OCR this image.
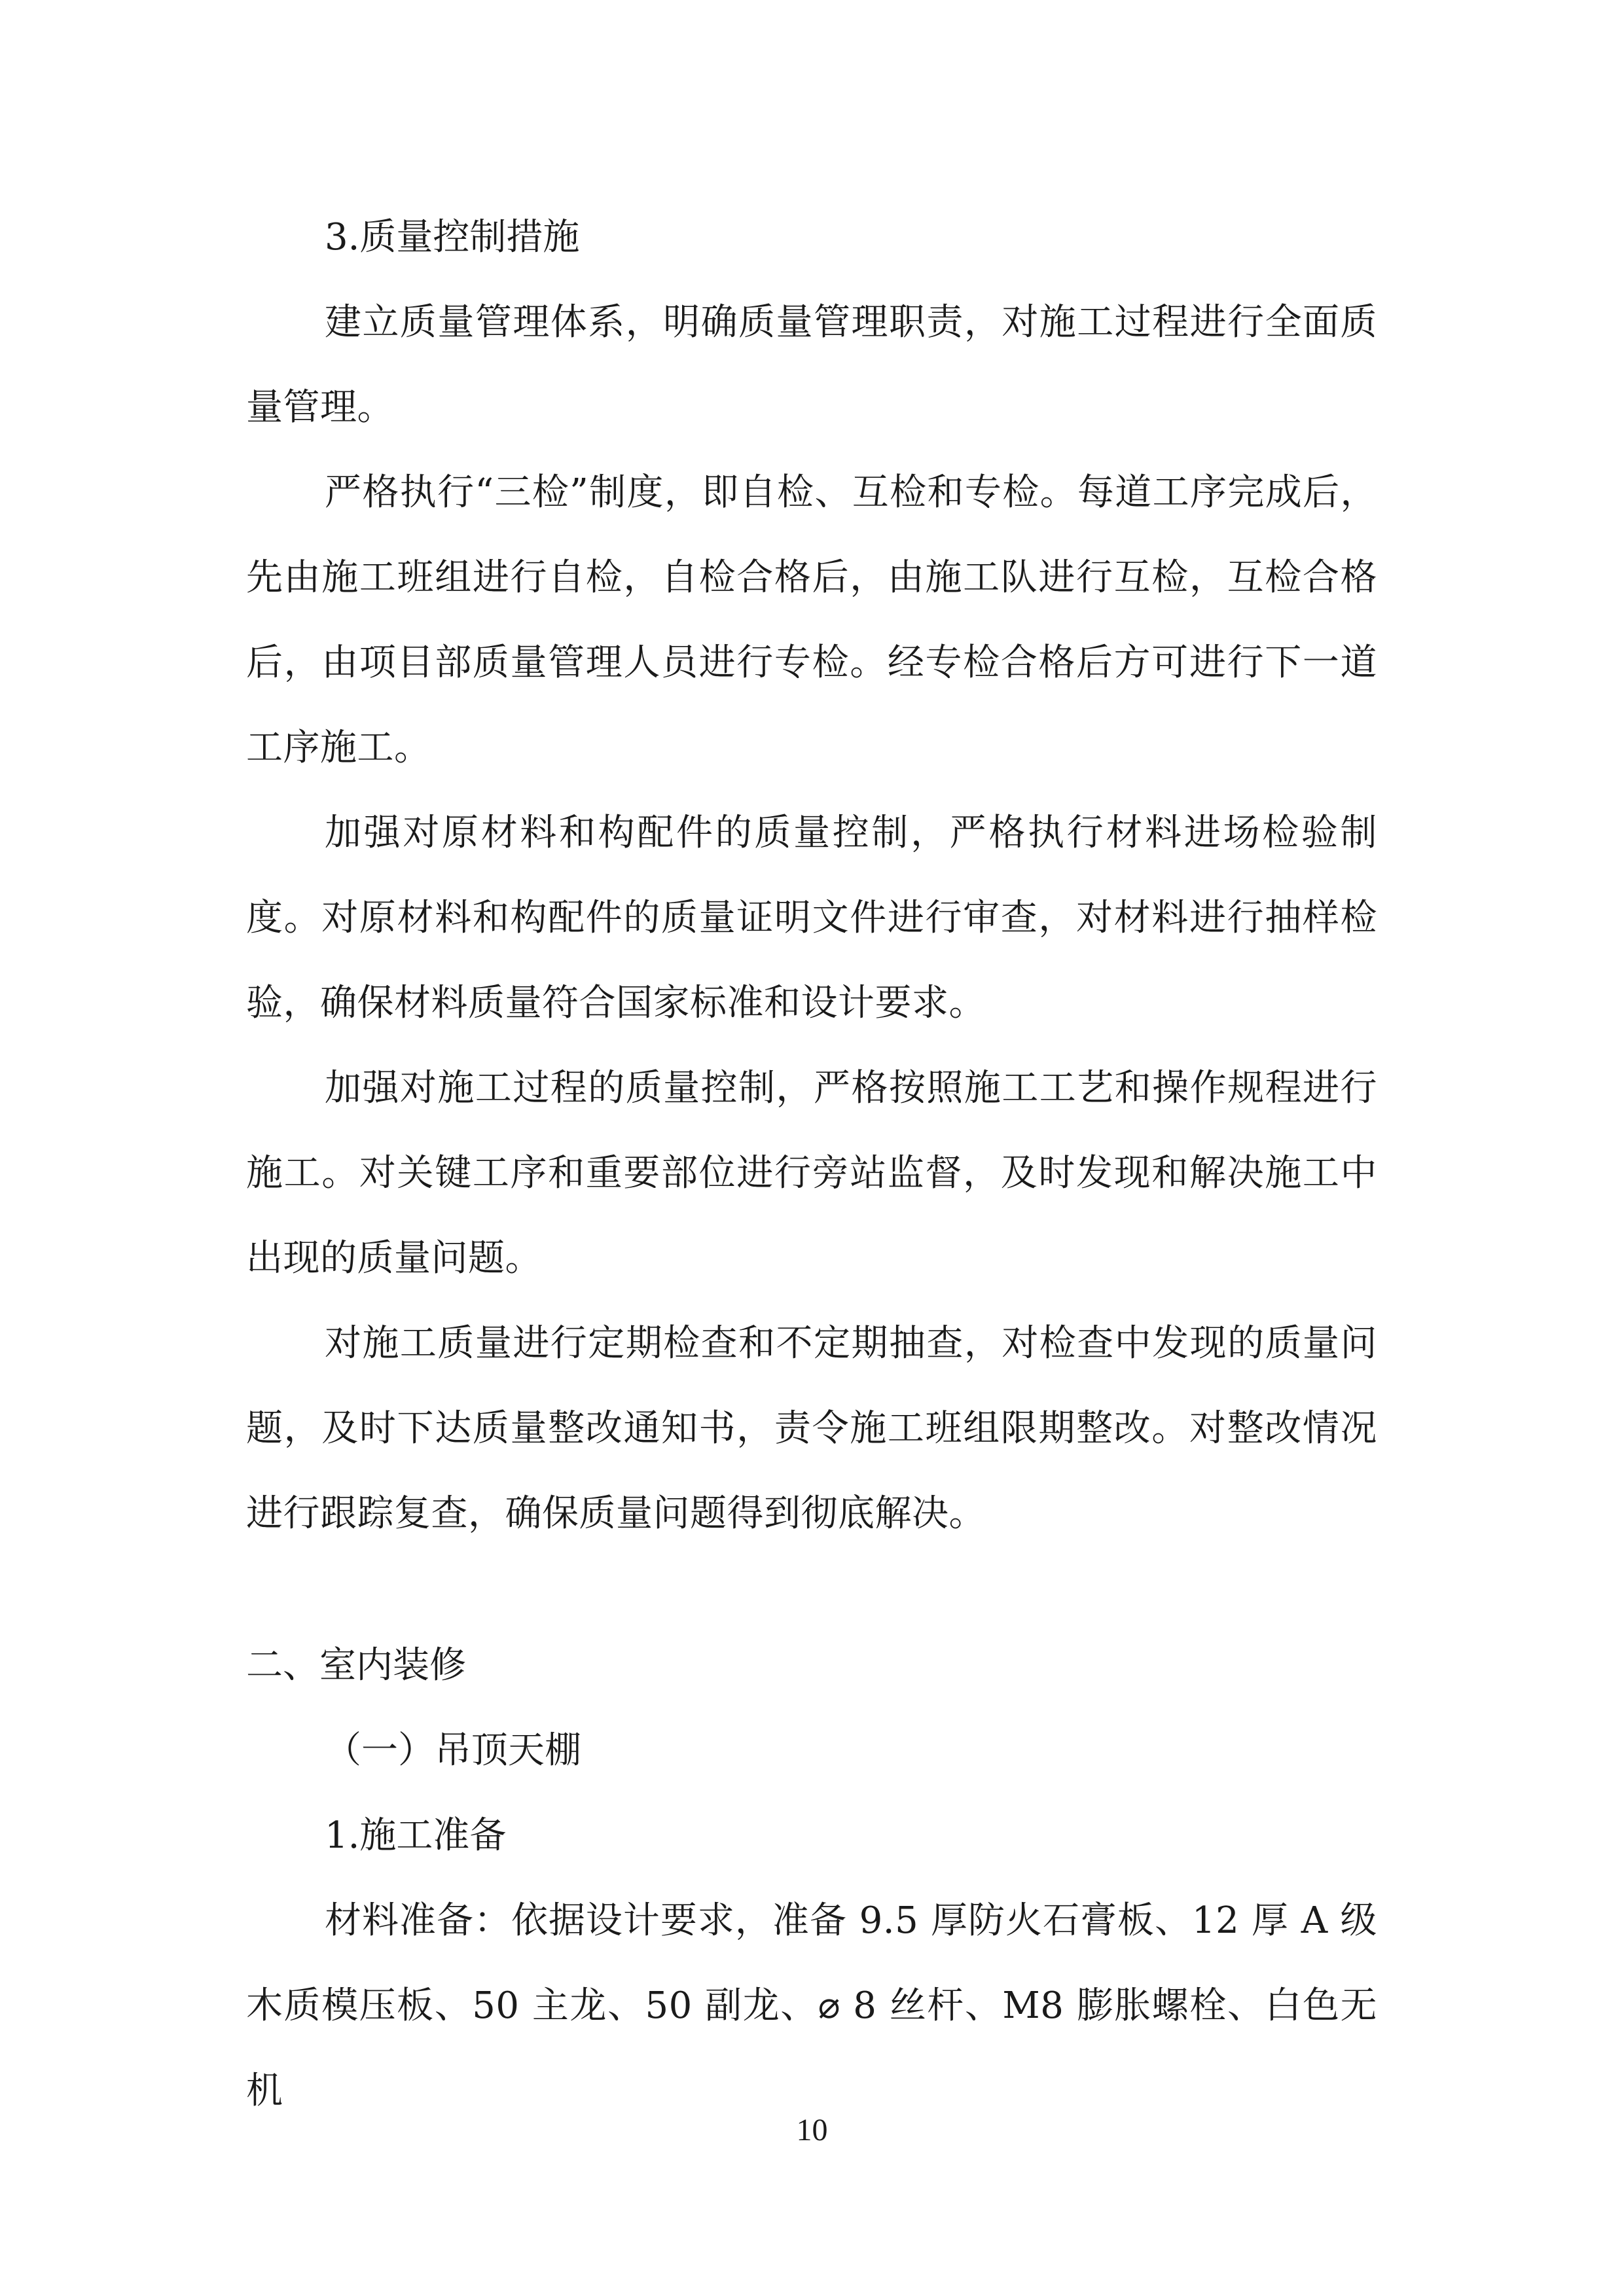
3.质量控制措施
建立质量管理体系，明确质量管理职责，对施工过程进行全面质量管理。
严格执行“三检”制度，即自检、互检和专检。每道工序完成后，先由施工班组进行自检，自检合格后，由施工队进行互检，互检合格后，由项目部质量管理人员进行专检。经专检合格后方可进行下一道工序施工。
加强对原材料和构配件的质量控制，严格执行材料进场检验制度。对原材料和构配件的质量证明文件进行审查，对材料进行抽样检验，确保材料质量符合国家标准和设计要求。
加强对施工过程的质量控制，严格按照施工工艺和操作规程进行施工。对关键工序和重要部位进行旁站监督，及时发现和解决施工中出现的质量问题。
对施工质量进行定期检查和不定期抽查，对检查中发现的质量问题，及时下达质量整改通知书，责令施工班组限期整改。对整改情况进行跟踪复查，确保质量问题得到彻底解决。
二、室内装修
（一）吊顶天棚
1.施工准备
材料准备：依据设计要求，准备 9.5 厚防火石膏板、12 厚 A 级木质模压板、50 主龙、50 副龙、⌀ 8 丝杆、M8 膨胀螺栓、白色无机
10
